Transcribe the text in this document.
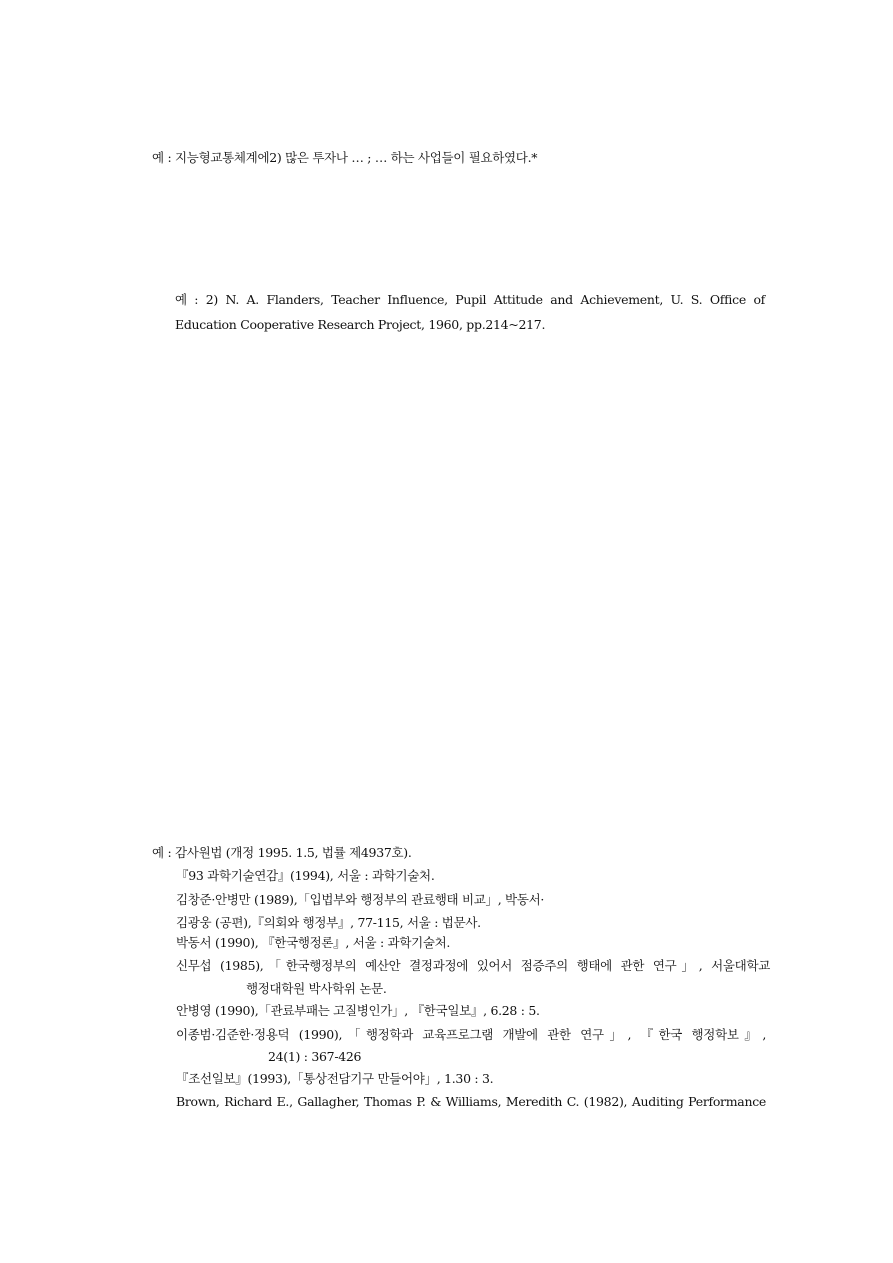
예 : 지능형교통체계에2) 많은 투자나 … ; … 하는 사업들이 필요하였다.*
예 : 2) N. A. Flanders, Teacher Influence, Pupil Attitude and Achievement, U. S. Office of
Education Cooperative Research Project, 1960, pp.214~217.
예 : 감사원법 (개정 1995. 1.5, 법률 제4937호).
『93 과학기술연감』(1994), 서울 : 과학기술처.
김창준·안병만 (1989),「입법부와 행정부의 관료행태 비교」, 박동서·
김광웅 (공편),『의회와 행정부』, 77-115, 서울 : 법문사.
박동서 (1990), 『한국행정론』, 서울 : 과학기술처.
신무섭 (1985),「한국행정부의 예산안 결정과정에 있어서 점증주의 행태에 관한 연구」, 서울대학교
행정대학원 박사학위 논문.
안병영 (1990),「관료부패는 고질병인가」, 『한국일보』, 6.28 : 5.
이종범·김준한·정용덕 (1990),「행정학과 교육프로그램 개발에 관한 연구」, 『한국 행정학보』,
24(1) : 367-426
『조선일보』(1993),「통상전담기구 만들어야」, 1.30 : 3.
Brown, Richard E., Gallagher, Thomas P. & Williams, Meredith C. (1982), Auditing Performance
